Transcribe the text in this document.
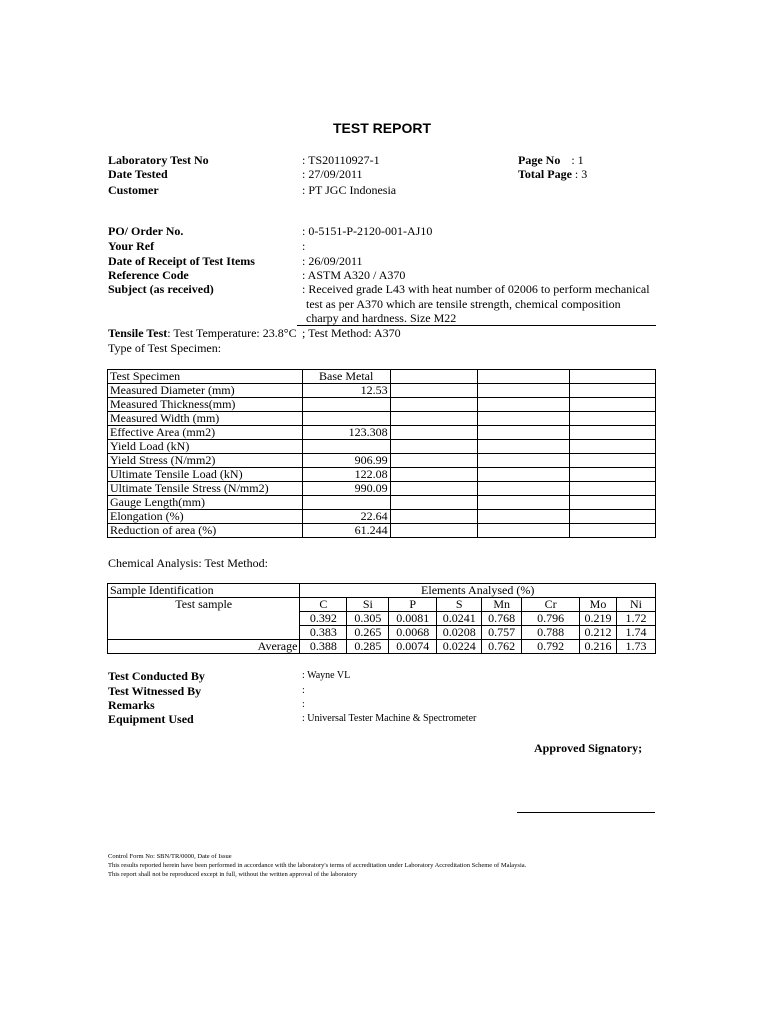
TEST REPORT
Laboratory Test No	: TS20110927-1
Date Tested	: 27/09/2011
Customer	: PT JGC Indonesia
Page No : 1
Total Page : 3
PO/ Order No.	: 0-5151-P-2120-001-AJ10
Your Ref	:
Date of Receipt of Test Items	: 26/09/2011
Reference Code	: ASTM A320 / A370
Subject (as received)	: Received grade L43 with heat number of 02006 to perform mechanical
test as per A370 which are tensile strength, chemical composition
charpy and hardness. Size M22
Tensile Test: Test Temperature: 23.8°C ; Test Method: A370
Type of Test Specimen:
Test Specimen	Base Metal			
Measured Diameter (mm)	12.53			
Measured Thickness(mm)				
Measured Width (mm)				
Effective Area (mm2)	123.308			
Yield Load (kN)				
Yield Stress (N/mm2)	906.99			
Ultimate Tensile Load (kN)	122.08			
Ultimate Tensile Stress (N/mm2)	990.09			
Gauge Length(mm)				
Elongation (%)	22.64			
Reduction of area (%)	61.244			
Chemical Analysis: Test Method:
Sample Identification	Elements Analysed (%)							
Test sample	C	Si	P	S	Mn	Cr	Mo	Ni
	0.392	0.305	0.0081	0.0241	0.768	0.796	0.219	1.72
	0.383	0.265	0.0068	0.0208	0.757	0.788	0.212	1.74
Average	0.388	0.285	0.0074	0.0224	0.762	0.792	0.216	1.73
Test Conducted By	: Wayne VL
Test Witnessed By	:
Remarks	:
Equipment Used	: Universal Tester Machine & Spectrometer
Approved Signatory;
Control Form No: SBN/TR/0000, Date of Issue
This results reported herein have been performed in accordance with the laboratory's terms of accreditation under Laboratory Accreditation Scheme of Malaysia.
This report shall not be reproduced except in full, without the written approval of the laboratory
